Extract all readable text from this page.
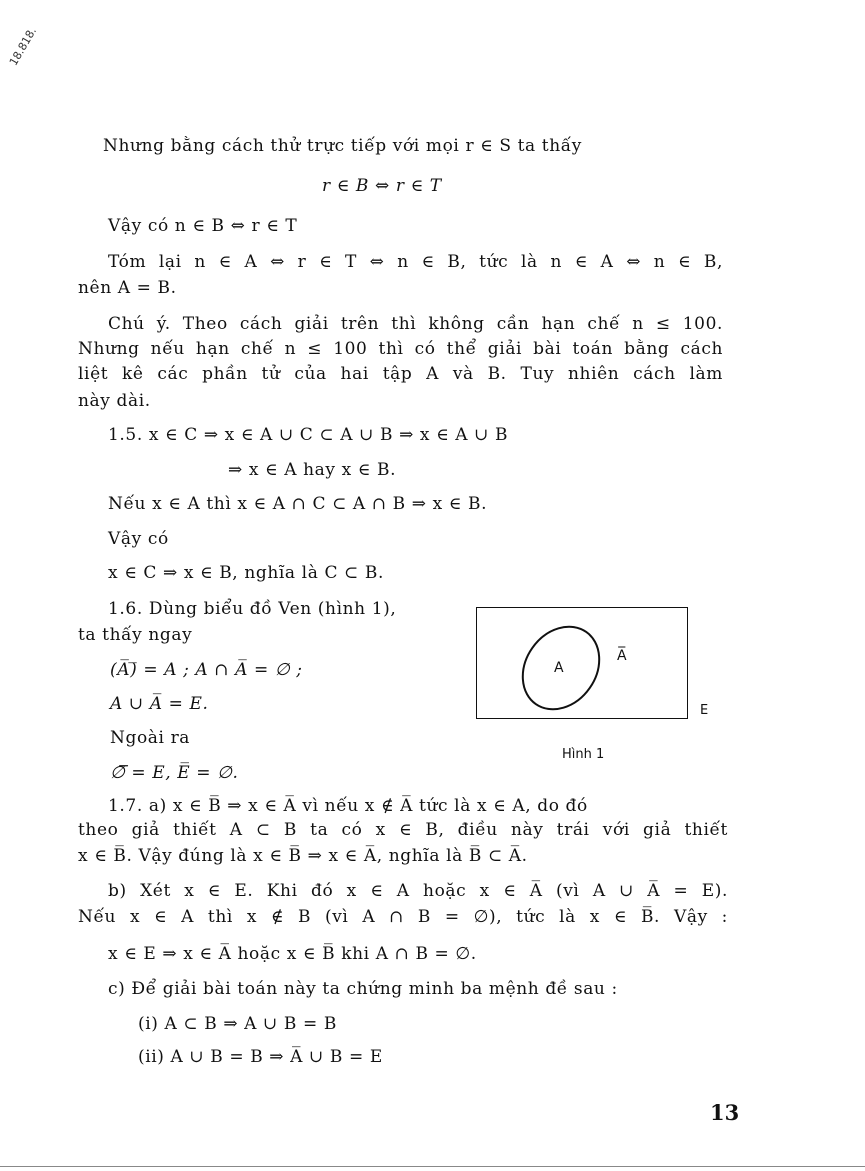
18.818.
Nhưng bằng cách thử trực tiếp với mọi r ∈ S ta thấy
r ∈ B ⇔ r ∈ T
Vậy có n ∈ B ⇔ r ∈ T
Tóm lại n ∈ A ⇔ r ∈ T ⇔ n ∈ B, tức là n ∈ A ⇔ n ∈ B,
nên A = B.
Chú ý. Theo cách giải trên thì không cần hạn chế n ≤ 100.
Nhưng nếu hạn chế n ≤ 100 thì có thể giải bài toán bằng cách
liệt kê các phần tử của hai tập A và B. Tuy nhiên cách làm
này dài.
1.5. x ∈ C ⇒ x ∈ A ∪ C ⊂ A ∪ B ⇒ x ∈ A ∪ B
⇒ x ∈ A hay x ∈ B.
Nếu x ∈ A thì x ∈ A ∩ C ⊂ A ∩ B ⇒ x ∈ B.
Vậy có
x ∈ C ⇒ x ∈ B, nghĩa là C ⊂ B.
1.6. Dùng biểu đồ Ven (hình 1),
ta thấy ngay
(A̅)̅ = A ; A ∩ A̅ = ∅ ;
A ∪ A̅ = E.
Ngoài ra
∅̅ = E, E̅ = ∅.
A
A̅
E
Hình 1
1.7. a) x ∈ B̅ ⇒ x ∈ A̅ vì nếu x ∉ A̅ tức là x ∈ A, do đó
theo giả thiết A ⊂ B ta có x ∈ B, điều này trái với giả thiết
x ∈ B̅. Vậy đúng là x ∈ B̅ ⇒ x ∈ A̅, nghĩa là B̅ ⊂ A̅.
b) Xét x ∈ E. Khi đó x ∈ A hoặc x ∈ A̅ (vì A ∪ A̅ = E).
Nếu x ∈ A thì x ∉ B (vì A ∩ B = ∅), tức là x ∈ B̅. Vậy :
x ∈ E ⇒ x ∈ A̅ hoặc x ∈ B̅ khi A ∩ B = ∅.
c) Để giải bài toán này ta chứng minh ba mệnh đề sau :
(i) A ⊂ B ⇒ A ∪ B = B
(ii) A ∪ B = B ⇒ A̅ ∪ B = E
13
